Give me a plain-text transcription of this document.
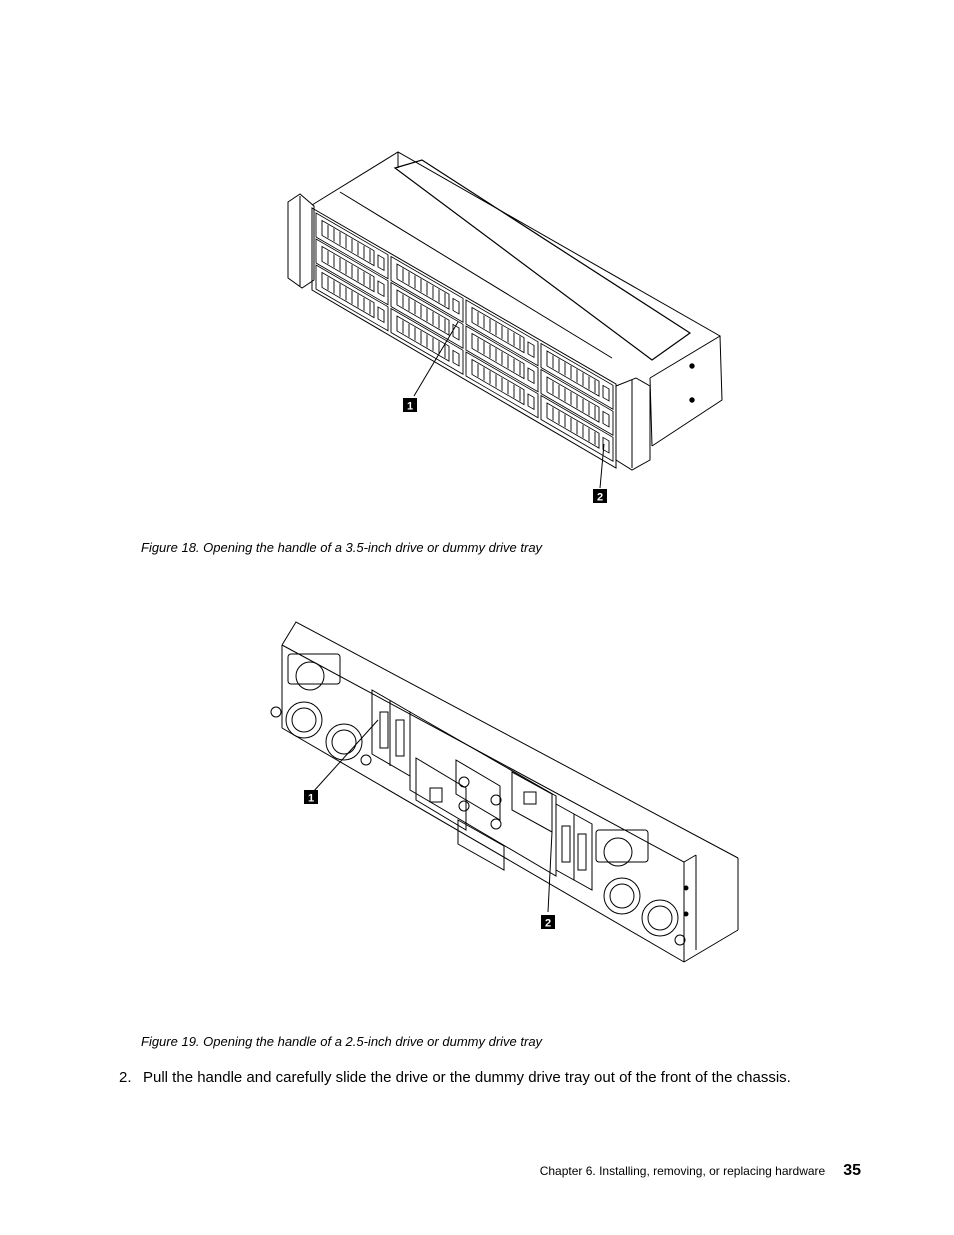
1
2
Figure 18. Opening the handle of a 3.5-inch drive or dummy drive tray
1
2
Figure 19. Opening the handle of a 2.5-inch drive or dummy drive tray
2. Pull the handle and carefully slide the drive or the dummy drive tray out of the front of the chassis.
Chapter 6. Installing, removing, or replacing hardware 35
